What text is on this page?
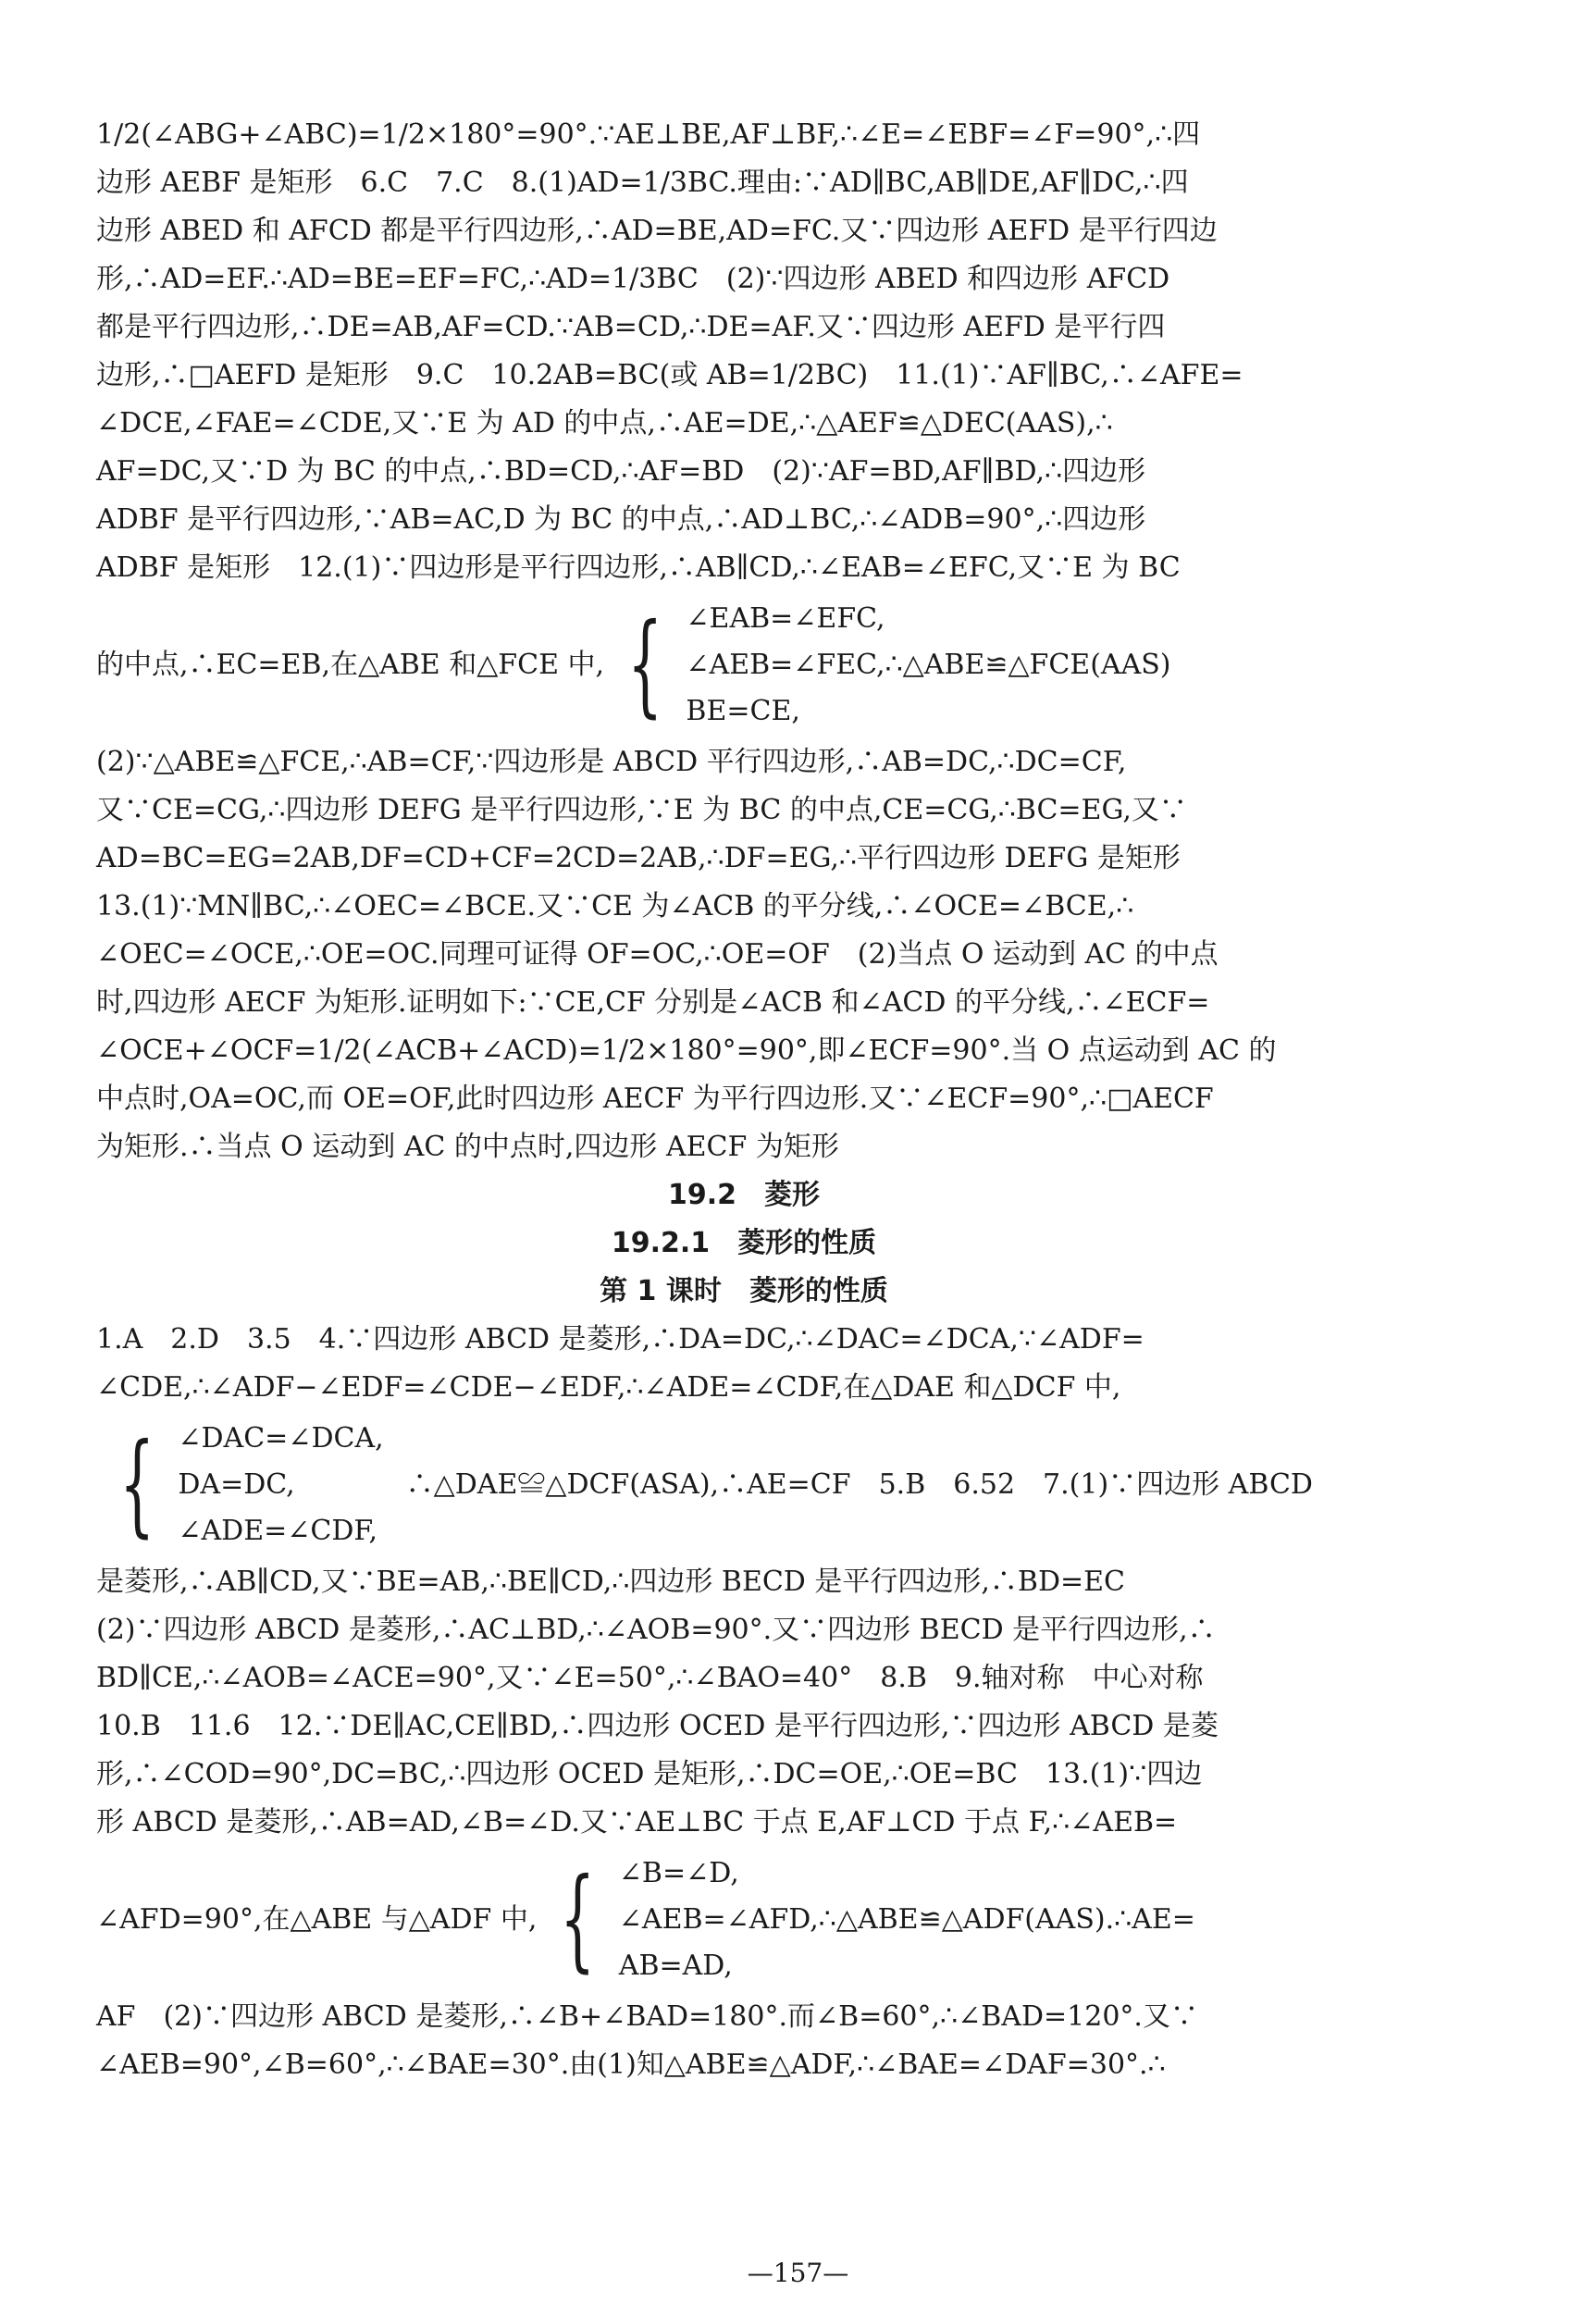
1/2(∠ABG+∠ABC)=1/2×180°=90°.∵AE⊥BE,AF⊥BF,∴∠E=∠EBF=∠F=90°,∴四
边形 AEBF 是矩形　6.C　7.C　8.(1)AD=1/3BC.理由:∵AD∥BC,AB∥DE,AF∥DC,∴四
边形 ABED 和 AFCD 都是平行四边形,∴AD=BE,AD=FC.又∵四边形 AEFD 是平行四边
形,∴AD=EF.∴AD=BE=EF=FC,∴AD=1/3BC　(2)∵四边形 ABED 和四边形 AFCD
都是平行四边形,∴DE=AB,AF=CD.∵AB=CD,∴DE=AF.又∵四边形 AEFD 是平行四
边形,∴□AEFD 是矩形　9.C　10.2AB=BC(或 AB=1/2BC)　11.(1)∵AF∥BC,∴∠AFE=
∠DCE,∠FAE=∠CDE,又∵E 为 AD 的中点,∴AE=DE,∴△AEF≌△DEC(AAS),∴
AF=DC,又∵D 为 BC 的中点,∴BD=CD,∴AF=BD　(2)∵AF=BD,AF∥BD,∴四边形
ADBF 是平行四边形,∵AB=AC,D 为 BC 的中点,∴AD⊥BC,∴∠ADB=90°,∴四边形
ADBF 是矩形　12.(1)∵四边形是平行四边形,∴AB∥CD,∴∠EAB=∠EFC,又∵E 为 BC
的中点,∴EC=EB,在△ABE 和△FCE 中, { ∠EAB=∠EFC,
∠AEB=∠FEC,∴△ABE≌△FCE(AAS)
BE=CE,
(2)∵△ABE≌△FCE,∴AB=CF,∵四边形是 ABCD 平行四边形,∴AB=DC,∴DC=CF,
又∵CE=CG,∴四边形 DEFG 是平行四边形,∵E 为 BC 的中点,CE=CG,∴BC=EG,又∵
AD=BC=EG=2AB,DF=CD+CF=2CD=2AB,∴DF=EG,∴平行四边形 DEFG 是矩形
13.(1)∵MN∥BC,∴∠OEC=∠BCE.又∵CE 为∠ACB 的平分线,∴∠OCE=∠BCE,∴
∠OEC=∠OCE,∴OE=OC.同理可证得 OF=OC,∴OE=OF　(2)当点 O 运动到 AC 的中点
时,四边形 AECF 为矩形.证明如下:∵CE,CF 分别是∠ACB 和∠ACD 的平分线,∴∠ECF=
∠OCE+∠OCF=1/2(∠ACB+∠ACD)=1/2×180°=90°,即∠ECF=90°.当 O 点运动到 AC 的
中点时,OA=OC,而 OE=OF,此时四边形 AECF 为平行四边形.又∵∠ECF=90°,∴□AECF
为矩形.∴当点 O 运动到 AC 的中点时,四边形 AECF 为矩形
19.2　菱形
19.2.1　菱形的性质
第 1 课时　菱形的性质
1.A　2.D　3.5　4.∵四边形 ABCD 是菱形,∴DA=DC,∴∠DAC=∠DCA,∵∠ADF=
∠CDE,∴∠ADF−∠EDF=∠CDE−∠EDF,∴∠ADE=∠CDF,在△DAE 和△DCF 中,
{ ∠DAC=∠DCA,
DA=DC,　　　　∴△DAE≌△DCF(ASA),∴AE=CF　5.B　6.52　7.(1)∵四边形 ABCD
∠ADE=∠CDF,
是菱形,∴AB∥CD,又∵BE=AB,∴BE∥CD,∴四边形 BECD 是平行四边形,∴BD=EC
(2)∵四边形 ABCD 是菱形,∴AC⊥BD,∴∠AOB=90°.又∵四边形 BECD 是平行四边形,∴
BD∥CE,∴∠AOB=∠ACE=90°,又∵∠E=50°,∴∠BAO=40°　8.B　9.轴对称　中心对称
10.B　11.6　12.∵DE∥AC,CE∥BD,∴四边形 OCED 是平行四边形,∵四边形 ABCD 是菱
形,∴∠COD=90°,DC=BC,∴四边形 OCED 是矩形,∴DC=OE,∴OE=BC　13.(1)∵四边
形 ABCD 是菱形,∴AB=AD,∠B=∠D.又∵AE⊥BC 于点 E,AF⊥CD 于点 F,∴∠AEB=
∠AFD=90°,在△ABE 与△ADF 中, { ∠B=∠D,
∠AEB=∠AFD,∴△ABE≌△ADF(AAS).∴AE=
AB=AD,
AF　(2)∵四边形 ABCD 是菱形,∴∠B+∠BAD=180°.而∠B=60°,∴∠BAD=120°.又∵
∠AEB=90°,∠B=60°,∴∠BAE=30°.由(1)知△ABE≌△ADF,∴∠BAE=∠DAF=30°.∴
—157—
